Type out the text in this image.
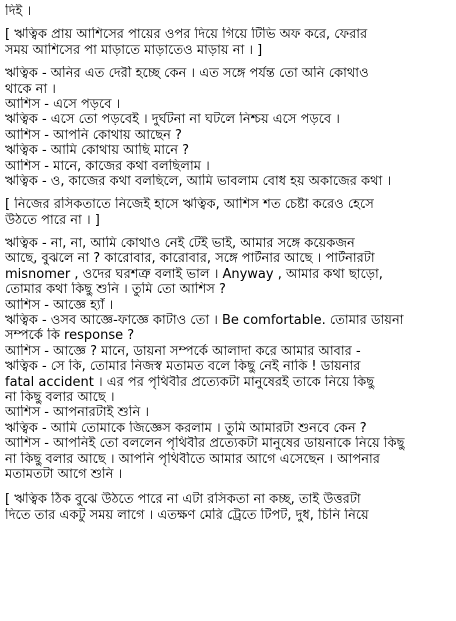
দিই ।
[ ঋত্বিক প্রায় আশিসের পায়ের ওপর দিয়ে গিয়ে টিভি অফ করে, ফেরার
সময় আশিসের পা মাড়াতে মাড়াতেও মাড়ায় না । ]
ঋত্বিক - অনির এত দেরী হচ্ছে কেন । এত সঙ্গে পর্যন্ত তো অনি কোথাও
থাকে না ।
আশিস - এসে পড়বে ।
ঋত্বিক - এসে তো পড়বেই । দুর্ঘটনা না ঘটলে নিশ্চয় এসে পড়বে ।
আশিস - আপনি কোথায় আছেন ?
ঋত্বিক - আমি কোথায় আছি মানে ?
আশিস - মানে, কাজের কথা বলছিলাম ।
ঋত্বিক - ও, কাজের কথা বলছিলে, আমি ভাবলাম বোধ হয় অকাজের কথা ।
[ নিজের রসিকতাতে নিজেই হাসে ঋত্বিক, আশিস শত চেষ্টা করেও হেসে
উঠতে পারে না । ]
ঋত্বিক - না, না, আমি কোথাও নেই টেই ভাই, আমার সঙ্গে কয়েকজন
আছে, বুঝলে না ? কারোবার, কারোবার, সঙ্গে পার্টনার আছে । পার্টনারটা
misnomer , ওদের ঘরশত্রু বলাই ভাল । Anyway , আমার কথা ছাড়ো,
তোমার কথা কিছু শুনি । তুমি তো আশিস ?
আশিস - আজ্ঞে হ্যাঁ ।
ঋত্বিক - ওসব আজ্ঞে-ফাজ্ঞে কাটাও তো । Be comfortable. তোমার ডায়না
সম্পর্কে কি response ?
আশিস - আজ্ঞে ? মানে, ডায়না সম্পর্কে আলাদা করে আমার আবার -
ঋত্বিক - সে কি, তোমার নিজস্ব মতামত বলে কিছু নেই নাকি ! ডায়নার
fatal accident । এর পর পৃথিবীর প্রত্যেকটা মানুষেরই তাকে নিয়ে কিছু
না কিছু বলার আছে ।
আশিস - আপনারটাই শুনি ।
ঋত্বিক - আমি তোমাকে জিজ্ঞেস করলাম । তুমি আমারটা শুনবে কেন ?
আশিস - আপনিই তো বললেন পৃথিবীর প্রত্যেকটা মানুষের ডায়নাকে নিয়ে কিছু
না কিছু বলার আছে । আপনি পৃথিবীতে আমার আগে এসেছেন । আপনার
মতামতটা আগে শুনি ।
[ ঋত্বিক ঠিক বুঝে উঠতে পারে না এটা রসিকতা না কচ্ছ, তাই উত্তরটা
দিতে তার একটু সময় লাগে । এতক্ষণ মেরি ট্রেতে টিপট, দুধ, চিনি নিয়ে
